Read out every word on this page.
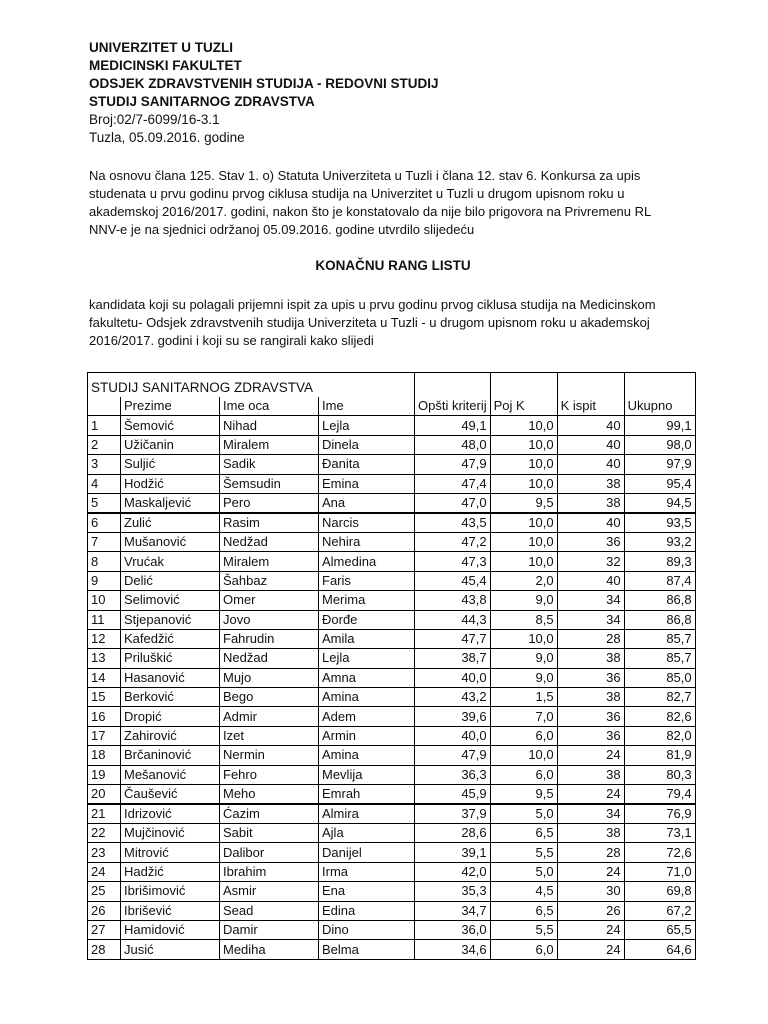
UNIVERZITET U TUZLI
MEDICINSKI FAKULTET
ODSJEK ZDRAVSTVENIH STUDIJA - REDOVNI STUDIJ
STUDIJ SANITARNOG ZDRAVSTVA
Broj:02/7-6099/16-3.1
Tuzla, 05.09.2016. godine
Na osnovu člana 125. Stav 1. o) Statuta Univerziteta u Tuzli i člana 12. stav 6. Konkursa za upis
studenata u prvu godinu prvog ciklusa studija na Univerzitet u Tuzli u drugom upisnom roku u
akademskoj 2016/2017. godini, nakon što je konstatovalo da nije bilo prigovora na Privremenu RL
NNV-e je na sjednici održanoj 05.09.2016. godine utvrdilo slijedeću
KONAČNU RANG LISTU
kandidata koji su polagali prijemni ispit za upis u prvu godinu prvog ciklusa studija na Medicinskom
fakultetu- Odsjek zdravstvenih studija Univerziteta u Tuzli - u drugom upisnom roku u akademskoj
2016/2017. godini i koji su se rangirali kako slijedi
STUDIJ SANITARNOG ZDRAVSTVA							
	Prezime	Ime oca	Ime	Opšti kriterij	Poj K	K ispit	Ukupno
1	Šemović	Nihad	Lejla	49,1	10,0	40	99,1
2	Užičanin	Miralem	Dinela	48,0	10,0	40	98,0
3	Suljić	Sadik	Đanita	47,9	10,0	40	97,9
4	Hodžić	Šemsudin	Emina	47,4	10,0	38	95,4
5	Maskaljević	Pero	Ana	47,0	9,5	38	94,5
6	Zulić	Rasim	Narcis	43,5	10,0	40	93,5
7	Mušanović	Nedžad	Nehira	47,2	10,0	36	93,2
8	Vrućak	Miralem	Almedina	47,3	10,0	32	89,3
9	Delić	Šahbaz	Faris	45,4	2,0	40	87,4
10	Selimović	Omer	Merima	43,8	9,0	34	86,8
11	Stjepanović	Jovo	Đorđe	44,3	8,5	34	86,8
12	Kafedžić	Fahrudin	Amila	47,7	10,0	28	85,7
13	Priluškić	Nedžad	Lejla	38,7	9,0	38	85,7
14	Hasanović	Mujo	Amna	40,0	9,0	36	85,0
15	Berković	Bego	Amina	43,2	1,5	38	82,7
16	Dropić	Admir	Adem	39,6	7,0	36	82,6
17	Zahirović	Izet	Armin	40,0	6,0	36	82,0
18	Brčaninović	Nermin	Amina	47,9	10,0	24	81,9
19	Mešanović	Fehro	Mevlija	36,3	6,0	38	80,3
20	Čaušević	Meho	Emrah	45,9	9,5	24	79,4
21	Idrizović	Ćazim	Almira	37,9	5,0	34	76,9
22	Mujčinović	Sabit	Ajla	28,6	6,5	38	73,1
23	Mitrović	Dalibor	Danijel	39,1	5,5	28	72,6
24	Hadžić	Ibrahim	Irma	42,0	5,0	24	71,0
25	Ibrišimović	Asmir	Ena	35,3	4,5	30	69,8
26	Ibrišević	Sead	Edina	34,7	6,5	26	67,2
27	Hamidović	Damir	Dino	36,0	5,5	24	65,5
28	Jusić	Mediha	Belma	34,6	6,0	24	64,6
